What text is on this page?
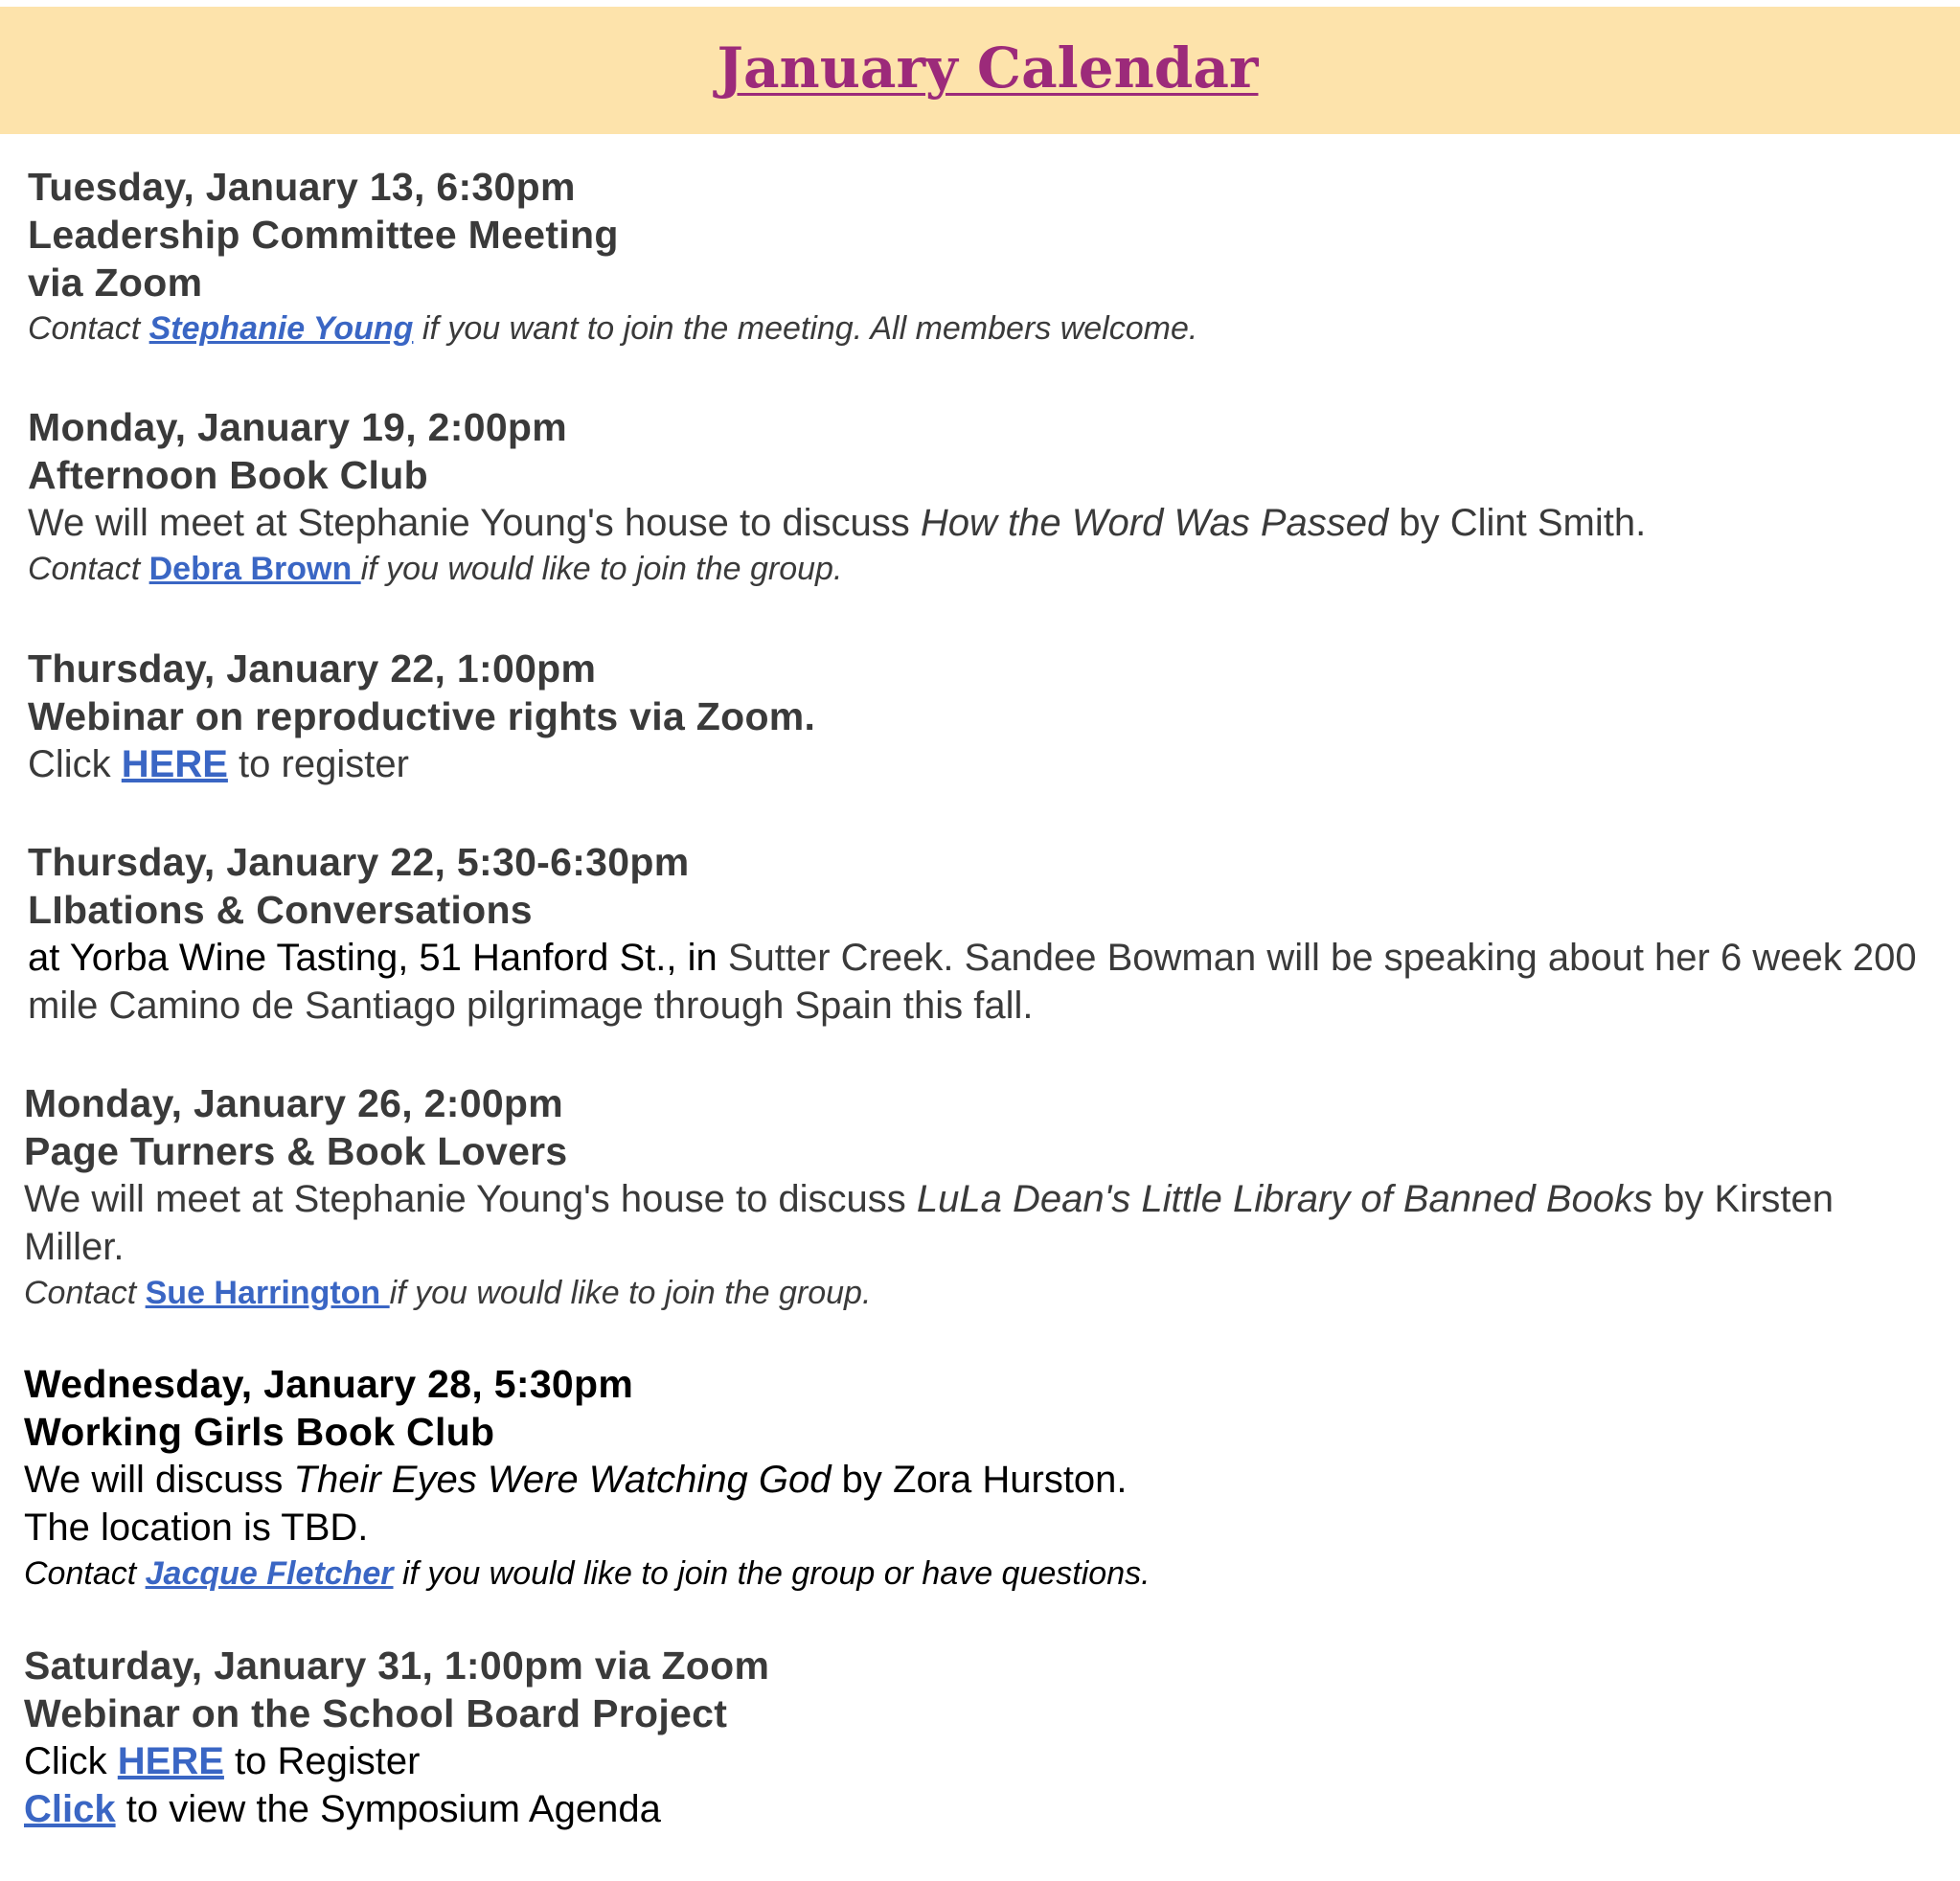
January Calendar
Tuesday, January 13, 6:30pm
Leadership Committee Meeting
via Zoom
Contact Stephanie Young if you want to join the meeting. All members welcome.
Monday, January 19, 2:00pm
Afternoon Book Club
We will meet at Stephanie Young's house to discuss How the Word Was Passed by Clint Smith.
Contact Debra Brown if you would like to join the group.
Thursday, January 22, 1:00pm
Webinar on reproductive rights via Zoom.
Click HERE to register
Thursday, January 22, 5:30-6:30pm
LIbations & Conversations
at Yorba Wine Tasting, 51 Hanford St., in Sutter Creek. Sandee Bowman will be speaking about her 6 week 200 mile Camino de Santiago pilgrimage through Spain this fall.
Monday, January 26, 2:00pm
Page Turners & Book Lovers
We will meet at Stephanie Young's house to discuss LuLa Dean's Little Library of Banned Books by Kirsten Miller.
Contact Sue Harrington if you would like to join the group.
Wednesday, January 28, 5:30pm
Working Girls Book Club
We will discuss Their Eyes Were Watching God by Zora Hurston.
The location is TBD.
Contact Jacque Fletcher if you would like to join the group or have questions.
Saturday, January 31, 1:00pm via Zoom
Webinar on the School Board Project
Click HERE to Register
Click to view the Symposium Agenda
